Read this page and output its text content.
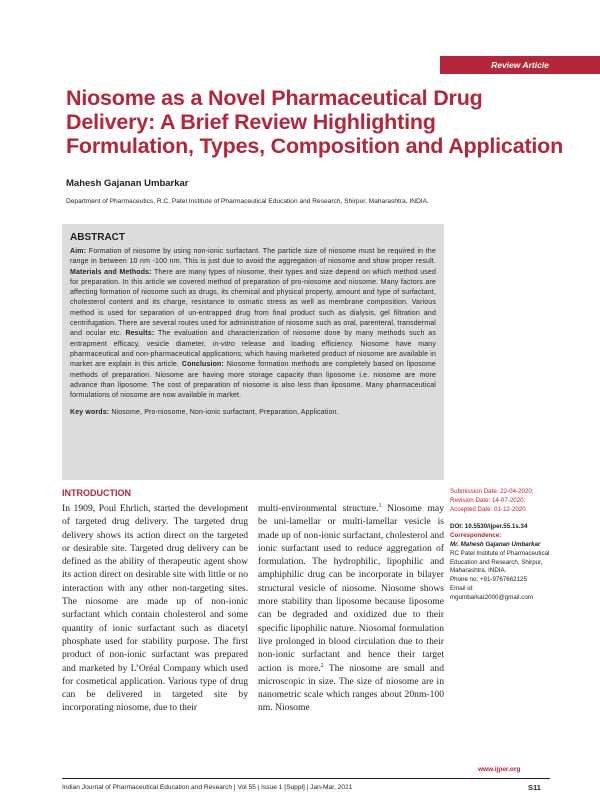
Review Article
Niosome as a Novel Pharmaceutical Drug Delivery: A Brief Review Highlighting Formulation, Types, Composition and Application

Mahesh Gajanan Umbarkar

Department of Pharmaceutics, R.C. Patel Institute of Pharmaceutical Education and Research, Shirpur, Maharashtra, INDIA.

ABSTRACT

Aim: Formation of niosome by using non-ionic surfactant. The particle size of niosome must be required in the range in between 10 nm -100 nm. This is just due to avoid the aggregation of niosome and show proper result. Materials and Methods: There are many types of niosome, their types and size depend on which method used for preparation. In this article we covered method of preparation of pro-niosome and niosome. Many factors are affecting formation of niosome such as drugs, its chemical and physical property, amount and type of surfactant, cholesterol content and its charge, resistance to osmatic stress as well as membrane composition. Various method is used for separation of un-entrapped drug from final product such as dialysis, gel filtration and centrifugation. There are several routes used for administration of niosome such as oral, parenteral, transdermal and ocular etc. Results: The evaluation and characterization of niosome done by many methods such as entrapment efficacy, vesicle diameter, in-vitro release and loading efficiency. Niosome have many pharmaceutical and non-pharmaceutical applications; which having marketed product of niosome are available in market are explain in this article. Conclusion: Niosome formation methods are completely based on liposome methods of preparation. Niosome are having more storage capacity than liposome i.e. niosome are more advance than liposome. The cost of preparation of niosome is also less than liposome. Many pharmaceutical formulations of niosome are now available in market.

Key words: Niosome, Pro-niosome, Non-ionic surfactant, Preparation, Application.

INTRODUCTION

In 1909, Poul Ehrlich, started the development of targeted drug delivery. The targeted drug delivery shows its action direct on the targeted or desirable site. Targeted drug delivery can be defined as the ability of therapeutic agent show its action direct on desirable site with little or no interaction with any other non-targeting sites. The niosome are made up of non-ionic surfactant which contain cholesterol and some quantity of ionic surfactant such as diacetyl phosphate used for stability purpose. The first product of non-ionic surfactant was prepared and marketed by L’Oréal Company which used for cosmetical application. Various type of drug can be delivered in targeted site by incorporating niosome, due to their

multi-environmental structure.$^1$ Niosome may be uni-lamellar or multi-lamellar vesicle is made up of non-ionic surfactant, cholesterol and ionic surfactant used to reduce aggregation of formulation. The hydrophilic, lipophilic and amphiphilic drug can be incorporate in bilayer structural vesicle of niosome. Niosome shows more stability than liposome because liposome can be degraded and oxidized due to their specific lipophilic nature. Niosomal formulation live prolonged in blood circulation due to their non-ionic surfactant and hence their target action is more.$^2$ The niosome are small and microscopic in size. The size of niosome are in nanometric scale which ranges about 20nm-100 nm. Niosome

Submission Date: 22-04-2020;
Revision Date: 14-07-2020;
Accepted Date: 01-12-2020
DOI: 10.5530/ijper.55.1s.34
Correspondence:
Mr. Mahesh Gajanan Umbarkar
RC Patel Institute of Pharmaceutical Education and Research, Shirpur, Maharashtra, INDIA.
Phone no: +91-9767662125
Email id: mgumbarkar2000@gmail.com

www.ijper.org

Indian Journal of Pharmaceutical Education and Research | Vol 55 | Issue 1 [Suppl] | Jan-Mar, 2021	S11
